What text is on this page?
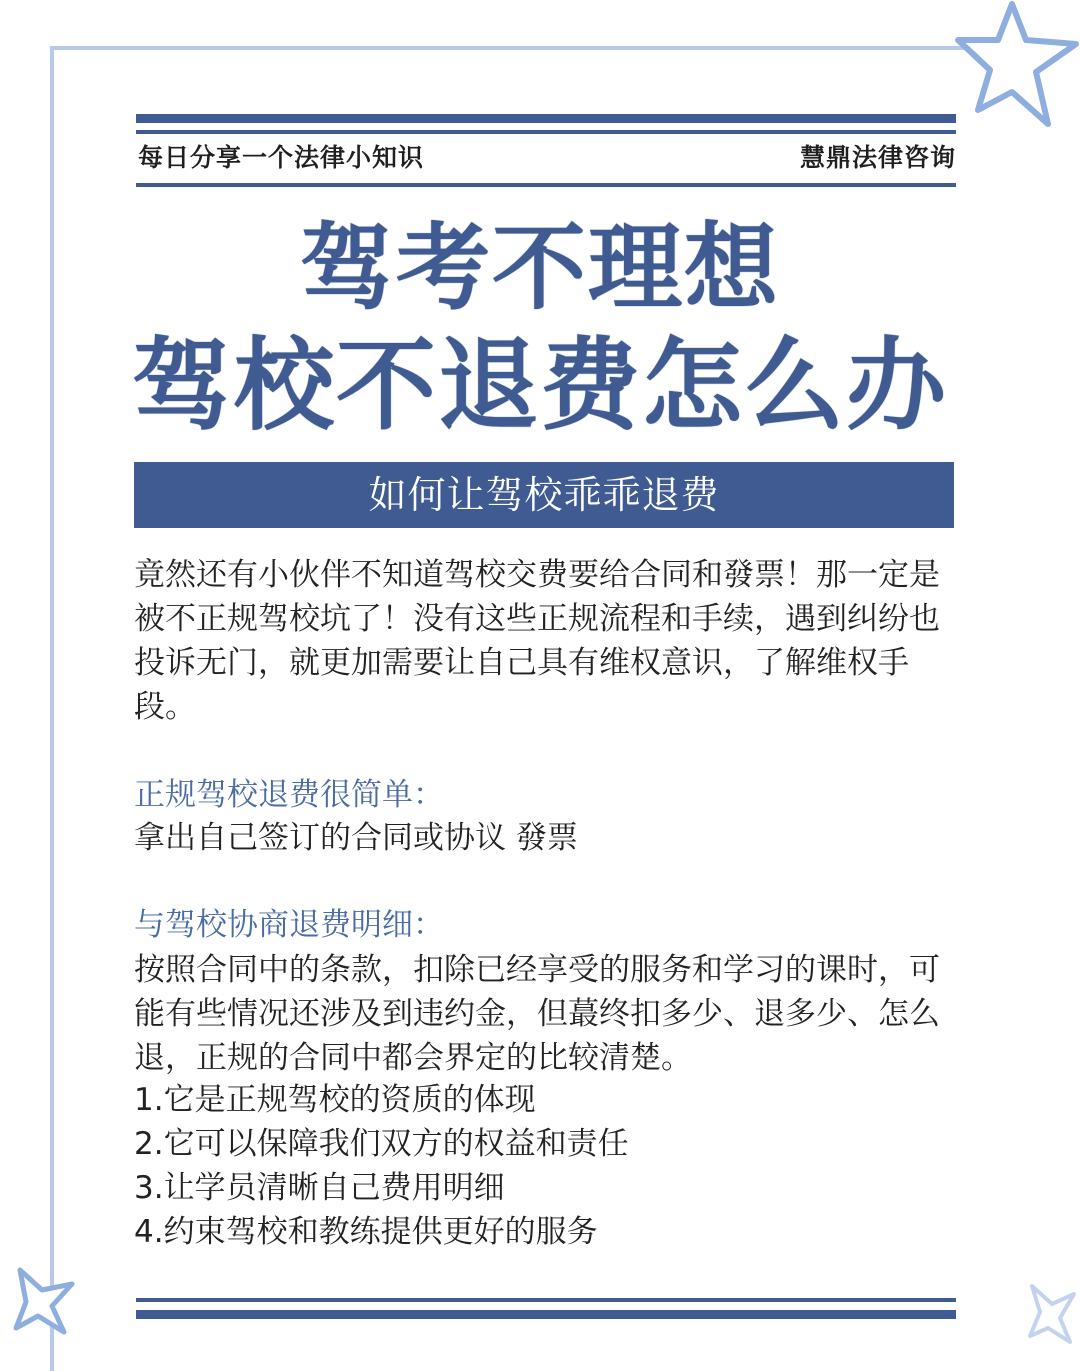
每日分享一个法律小知识	慧鼎法律咨询
驾考不理想
驾校不退费怎么办
如何让驾校乖乖退费
竟然还有小伙伴不知道驾校交费要给合同和發票！那一定是被不正规驾校坑了！没有这些正规流程和手续，遇到纠纷也投诉无门，就更加需要让自己具有维权意识，了解维权手段。
正规驾校退费很简单：
拿出自己签订的合同或协议 發票
与驾校协商退费明细：
按照合同中的条款，扣除已经享受的服务和学习的课时，可能有些情况还涉及到违约金，但蕞终扣多少、退多少、怎么退，正规的合同中都会界定的比较清楚。
1.它是正规驾校的资质的体现
2.它可以保障我们双方的权益和责任
3.让学员清晰自己费用明细
4.约束驾校和教练提供更好的服务
